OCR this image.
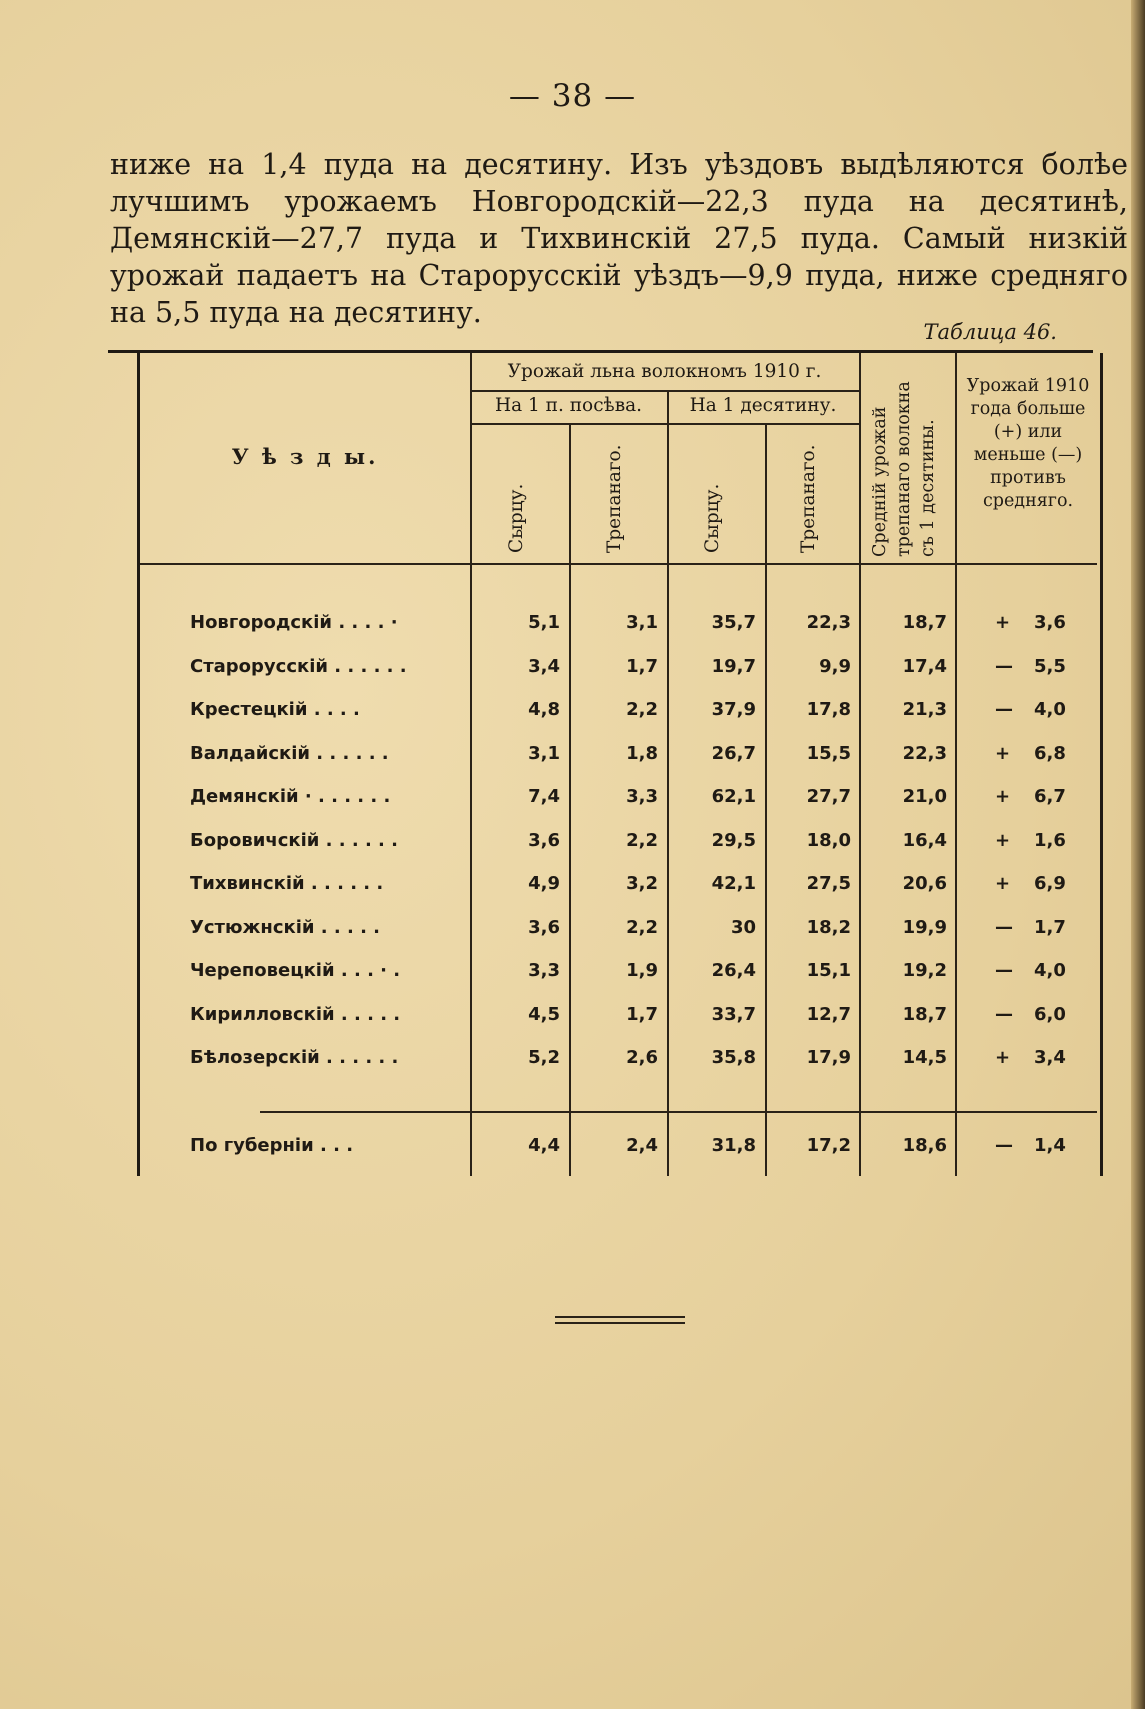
— 38 —
ниже на 1,4 пуда на десятину. Изъ уѣздовъ выдѣляются болѣе лучшимъ урожаемъ Новгородскій—22,3 пуда на десятинѣ, Демянскій—27,7 пуда и Тихвинскій 27,5 пуда. Самый низкій урожай падаетъ на Старорусскій уѣздъ—9,9 пуда, ниже средняго на 5,5 пуда на десятину.
Таблица 46.
У ѣ з д ы.
Урожай льна волокномъ 1910 г.
На 1 п. посѣва.	На 1 десятину.
Сырцу.	Трепанаго.	Сырцу.	Трепанаго.	Средній урожай трепанаго волокна съ 1 десятины.
Урожай 1910 года больше (+) или меньше (—) противъ средняго.
Новгородскій . . . . ·	5,1	3,1	35,7	22,3	18,7	+	3,6
Старорусскій . . . . . .	3,4	1,7	19,7	9,9	17,4	—	5,5
Крестецкій . . . .	4,8	2,2	37,9	17,8	21,3	—	4,0
Валдайскій . . . . . .	3,1	1,8	26,7	15,5	22,3	+	6,8
Демянскій · . . . . . .	7,4	3,3	62,1	27,7	21,0	+	6,7
Боровичскій . . . . . .	3,6	2,2	29,5	18,0	16,4	+	1,6
Тихвинскій . . . . . .	4,9	3,2	42,1	27,5	20,6	+	6,9
Устюжнскій . . . . .	3,6	2,2	30	18,2	19,9	—	1,7
Череповецкій . . . · .	3,3	1,9	26,4	15,1	19,2	—	4,0
Кирилловскій . . . . .	4,5	1,7	33,7	12,7	18,7	—	6,0
Бѣлозерскій . . . . . .	5,2	2,6	35,8	17,9	14,5	+	3,4
По губерніи . . .	4,4	2,4	31,8	17,2	18,6	—	1,4
